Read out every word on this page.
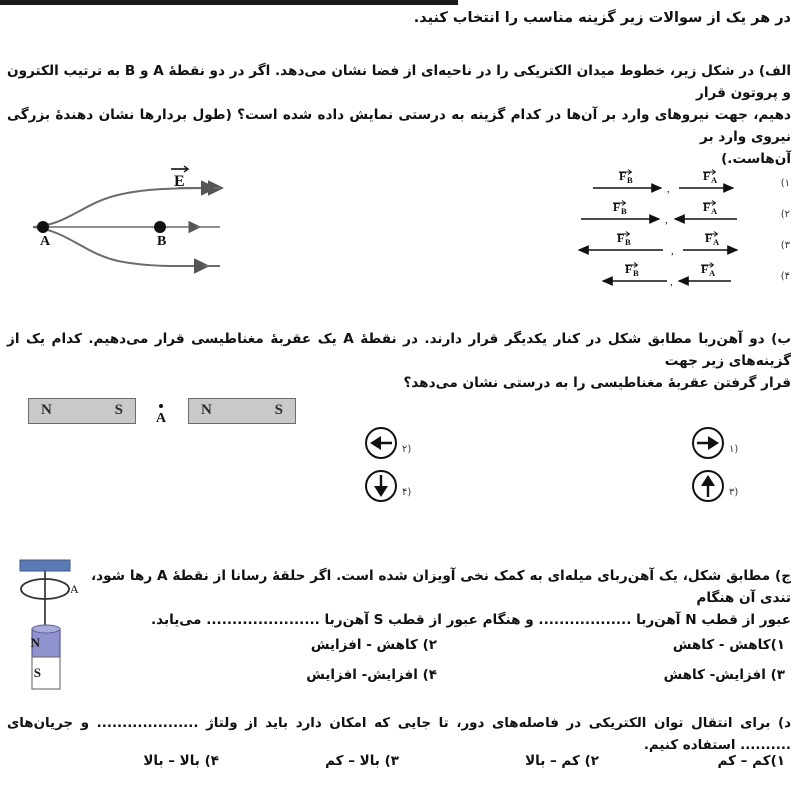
در هر یک از سوالات زیر گزینه مناسب را انتخاب کنید.
الف) در شکل زیر، خطوط میدان الکتریکی را در ناحیه‌ای از فضا نشان می‌دهد. اگر در دو نقطهٔ A و B به ترتیب الکترون و پروتون قرار
دهیم، جهت نیروهای وارد بر آن‌ها در کدام گزینه به درستی نمایش داده شده است؟ (طول بردارها نشان دهندهٔ بزرگی نیروی وارد بر
آن‌هاست.)
E
A	B
F A
,
F B	۱)
F A
,
F B	۲)
F A
,
F B	۳)
F A
,
F B	۴)
ب) دو آهن‌ربا مطابق شکل در کنار یکدیگر قرار دارند. در نقطهٔ A یک عقربهٔ مغناطیسی قرار می‌دهیم. کدام یک از گزینه‌های زیر جهت
قرار گرفتن عقربهٔ مغناطیسی را به درستی نشان می‌دهد؟
N	S
A
N	S
۱)
۲)
۳)
۴)
ج) مطابق شکل، یک آهن‌ربای میله‌ای به کمک نخی آویزان شده است. اگر حلقهٔ رسانا از نقطهٔ A رها شود، تندی آن هنگام
عبور از قطب N آهن‌ربا .................. و هنگام عبور از قطب S آهن‌ربا ...................... می‌یابد.
N
S
A
۱)کاهش - کاهش
۲) کاهش - افزایش
۳) افزایش- کاهش
۴) افزایش- افزایش
د) برای انتقال توان الکتریکی در فاصله‌های دور، تا جایی که امکان دارد باید از ولتاژ .................... و جریان‌های .......... استفاده کنیم.
۱)کم – کم
۲) کم – بالا
۳) بالا – کم
۴) بالا – بالا
